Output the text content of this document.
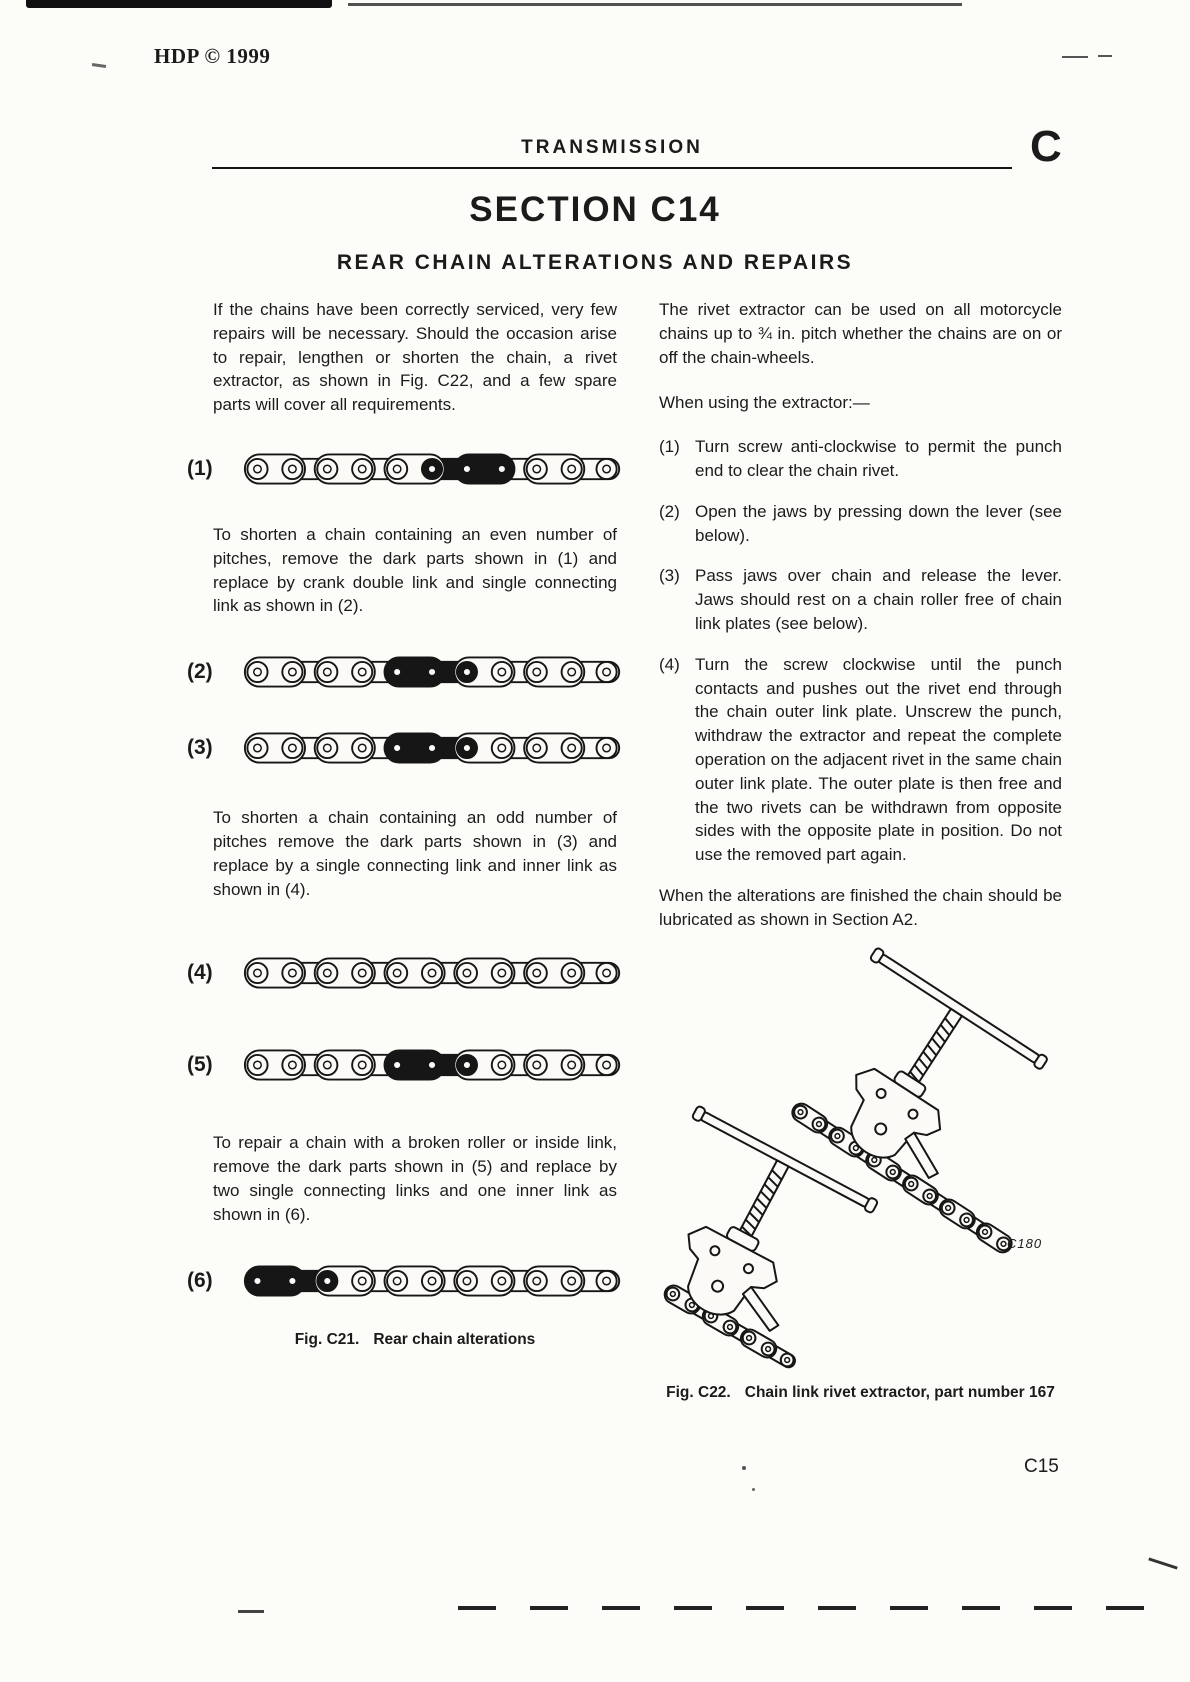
HDP © 1999
TRANSMISSION	C
SECTION C14
REAR CHAIN ALTERATIONS AND REPAIRS

If the chains have been correctly serviced, very few repairs will be necessary. Should the occasion arise to repair, lengthen or shorten the chain, a rivet extractor, as shown in Fig. C22, and a few spare parts will cover all requirements.

(1)

To shorten a chain containing an even number of pitches, remove the dark parts shown in (1) and replace by crank double link and single connecting link as shown in (2).

(2)
(3)

To shorten a chain containing an odd number of pitches remove the dark parts shown in (3) and replace by a single connecting link and inner link as shown in (4).

(4)
(5)

To repair a chain with a broken roller or inside link, remove the dark parts shown in (5) and replace by two single connecting links and one inner link as shown in (6).

(6)

Fig. C21. Rear chain alterations

The rivet extractor can be used on all motorcycle chains up to ¾ in. pitch whether the chains are on or off the chain-wheels.

When using the extractor:—

(1) Turn screw anti-clockwise to permit the punch end to clear the chain rivet.

(2) Open the jaws by pressing down the lever (see below).

(3) Pass jaws over chain and release the lever. Jaws should rest on a chain roller free of chain link plates (see below).

(4) Turn the screw clockwise until the punch contacts and pushes out the rivet end through the chain outer link plate. Unscrew the punch, withdraw the extractor and repeat the complete operation on the adjacent rivet in the same chain outer link plate. The outer plate is then free and the two rivets can be withdrawn from opposite sides with the opposite plate in position. Do not use the removed part again.

When the alterations are finished the chain should be lubricated as shown in Section A2.

C180

Fig. C22. Chain link rivet extractor, part number 167

C15
